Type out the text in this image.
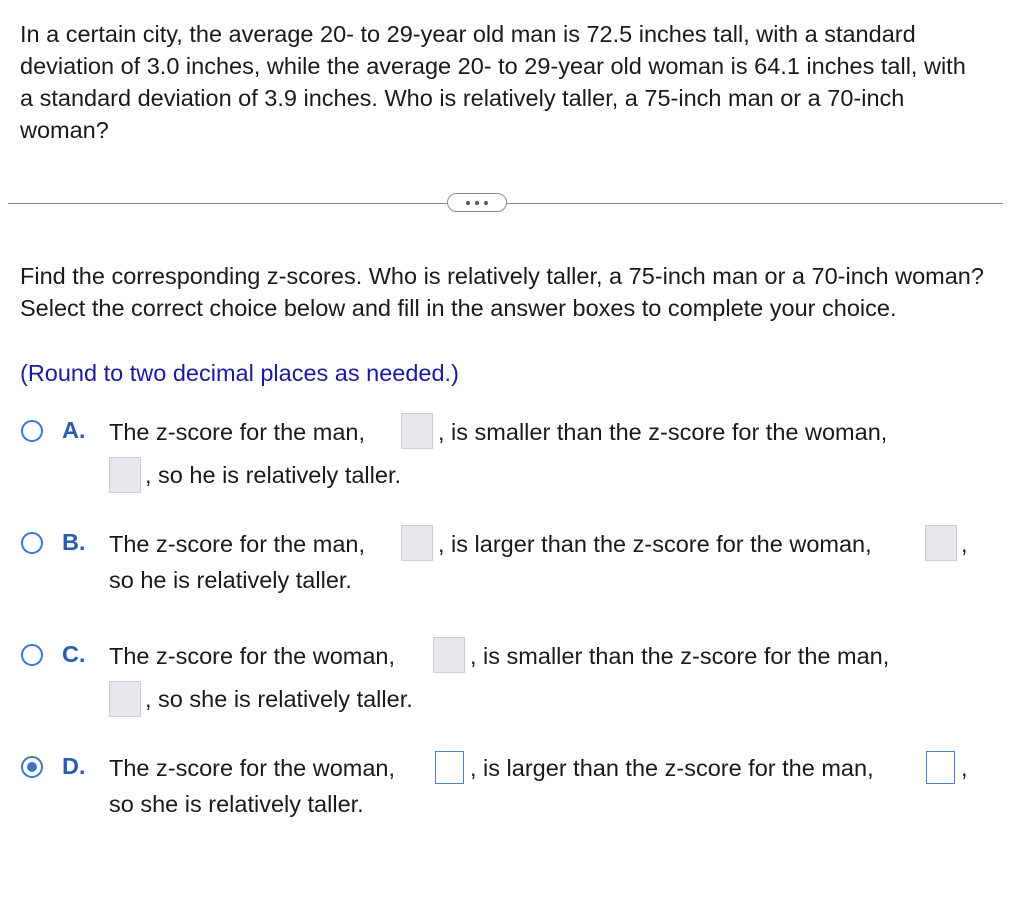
In a certain city, the average 20- to 29-year old man is 72.5 inches tall, with a standard deviation of 3.0 inches, while the average 20- to 29-year old woman is 64.1 inches tall, with a standard deviation of 3.9 inches. Who is relatively taller, a 75-inch man or a 70-inch woman?
Find the corresponding z-scores. Who is relatively taller, a 75-inch man or a 70-inch woman? Select the correct choice below and fill in the answer boxes to complete your choice.
(Round to two decimal places as needed.)
A. The z-score for the man,	, is smaller than the z-score for the woman,
, so he is relatively taller.
B. The z-score for the man,	, is larger than the z-score for the woman,	,
so he is relatively taller.
C. The z-score for the woman,	, is smaller than the z-score for the man,
, so she is relatively taller.
D. The z-score for the woman,	, is larger than the z-score for the man,	,
so she is relatively taller.
